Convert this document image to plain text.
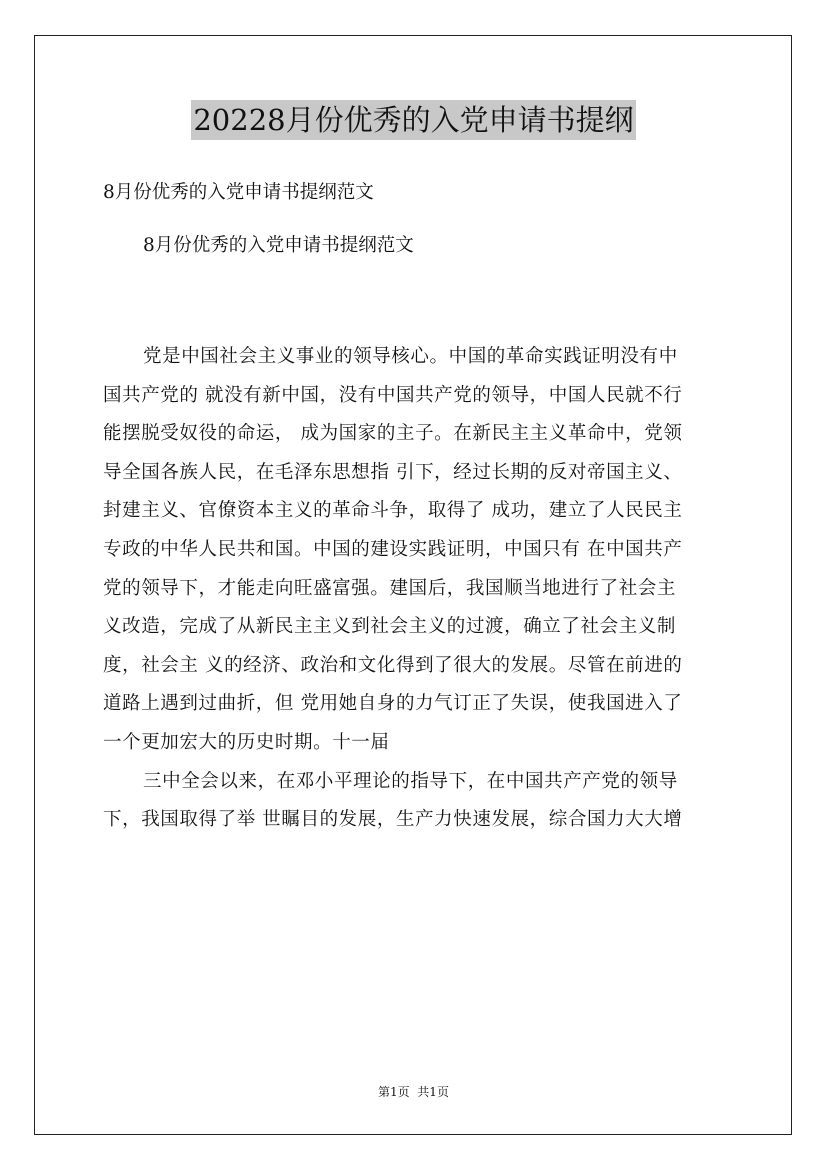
20228月份优秀的入党申请书提纲
8月份优秀的入党申请书提纲范文
8月份优秀的入党申请书提纲范文
党是中国社会主义事业的领导核心。中国的革命实践证明没有中
国共产党的 就没有新中国，没有中国共产党的领导，中国人民就不行
能摆脱受奴役的命运， 成为国家的主子。在新民主主义革命中，党领
导全国各族人民，在毛泽东思想指 引下，经过长期的反对帝国主义、
封建主义、官僚资本主义的革命斗争，取得了 成功，建立了人民民主
专政的中华人民共和国。中国的建设实践证明，中国只有 在中国共产
党的领导下，才能走向旺盛富强。建国后，我国顺当地进行了社会主
义改造，完成了从新民主主义到社会主义的过渡，确立了社会主义制
度，社会主 义的经济、政治和文化得到了很大的发展。尽管在前进的
道路上遇到过曲折，但 党用她自身的力气订正了失误，使我国进入了
一个更加宏大的历史时期。十一届
三中全会以来，在邓小平理论的指导下，在中国共产产党的领导
下，我国取得了举 世瞩目的发展，生产力快速发展，综合国力大大增
第1页  共1页
